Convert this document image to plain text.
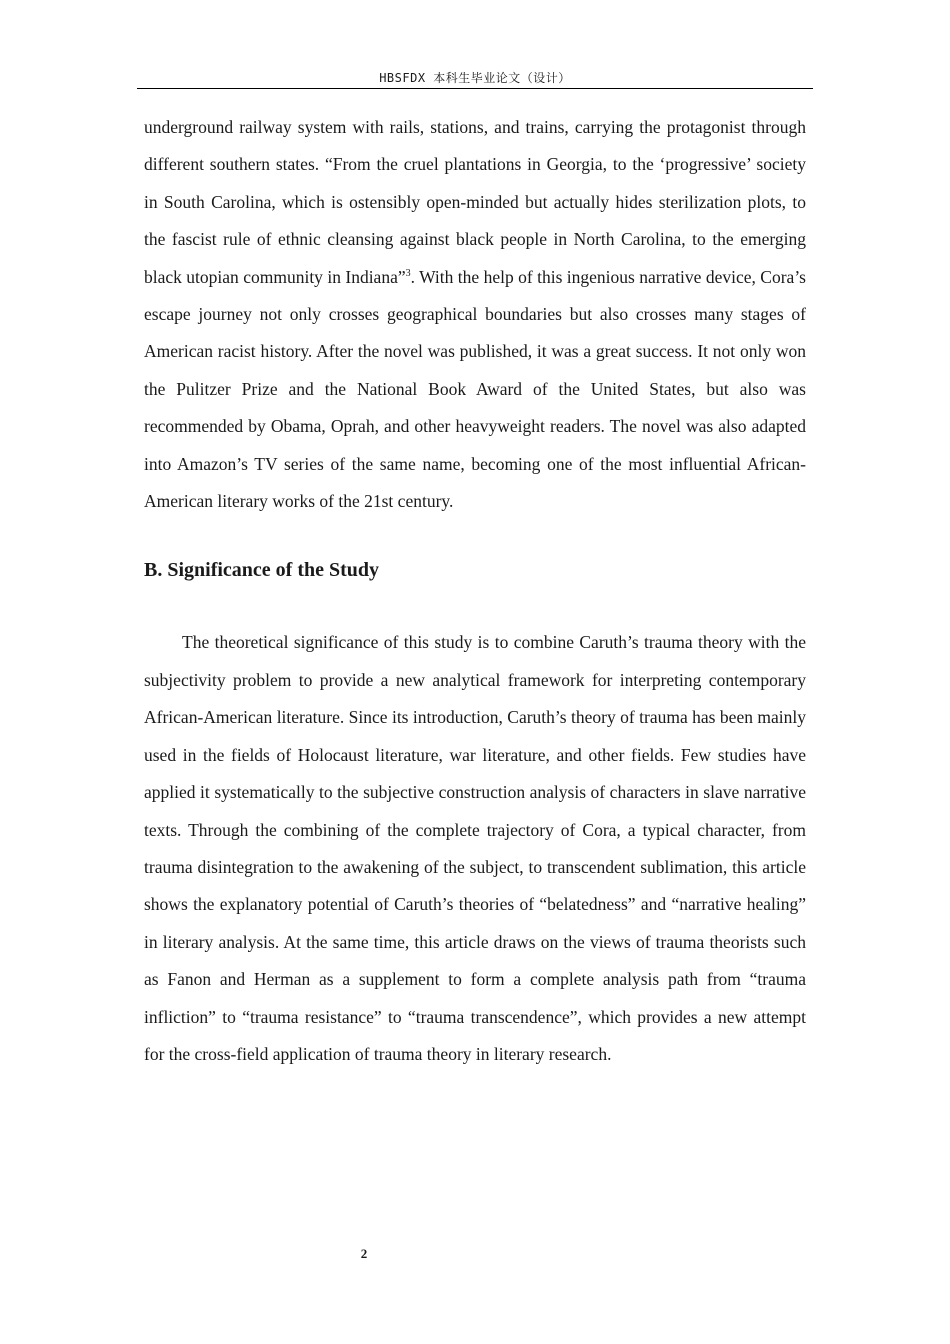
HBSFDX 本科生毕业论文（设计）

underground railway system with rails, stations, and trains, carrying the protagonist through different southern states. “From the cruel plantations in Georgia, to the ‘progressive’ society in South Carolina, which is ostensibly open-minded but actually hides sterilization plots, to the fascist rule of ethnic cleansing against black people in North Carolina, to the emerging black utopian community in Indiana”$^3$. With the help of this ingenious narrative device, Cora’s escape journey not only crosses geographical boundaries but also crosses many stages of American racist history. After the novel was published, it was a great success. It not only won the Pulitzer Prize and the National Book Award of the United States, but also was recommended by Obama, Oprah, and other heavyweight readers. The novel was also adapted into Amazon’s TV series of the same name, becoming one of the most influential African-American literary works of the 21st century.

B. Significance of the Study

The theoretical significance of this study is to combine Caruth’s trauma theory with the subjectivity problem to provide a new analytical framework for interpreting contemporary African-American literature. Since its introduction, Caruth’s theory of trauma has been mainly used in the fields of Holocaust literature, war literature, and other fields. Few studies have applied it systematically to the subjective construction analysis of characters in slave narrative texts. Through the combining of the complete trajectory of Cora, a typical character, from trauma disintegration to the awakening of the subject, to transcendent sublimation, this article shows the explanatory potential of Caruth’s theories of “belatedness” and “narrative healing” in literary analysis. At the same time, this article draws on the views of trauma theorists such as Fanon and Herman as a supplement to form a complete analysis path from “trauma infliction” to “trauma resistance” to “trauma transcendence”, which provides a new attempt for the cross-field application of trauma theory in literary research.

2
